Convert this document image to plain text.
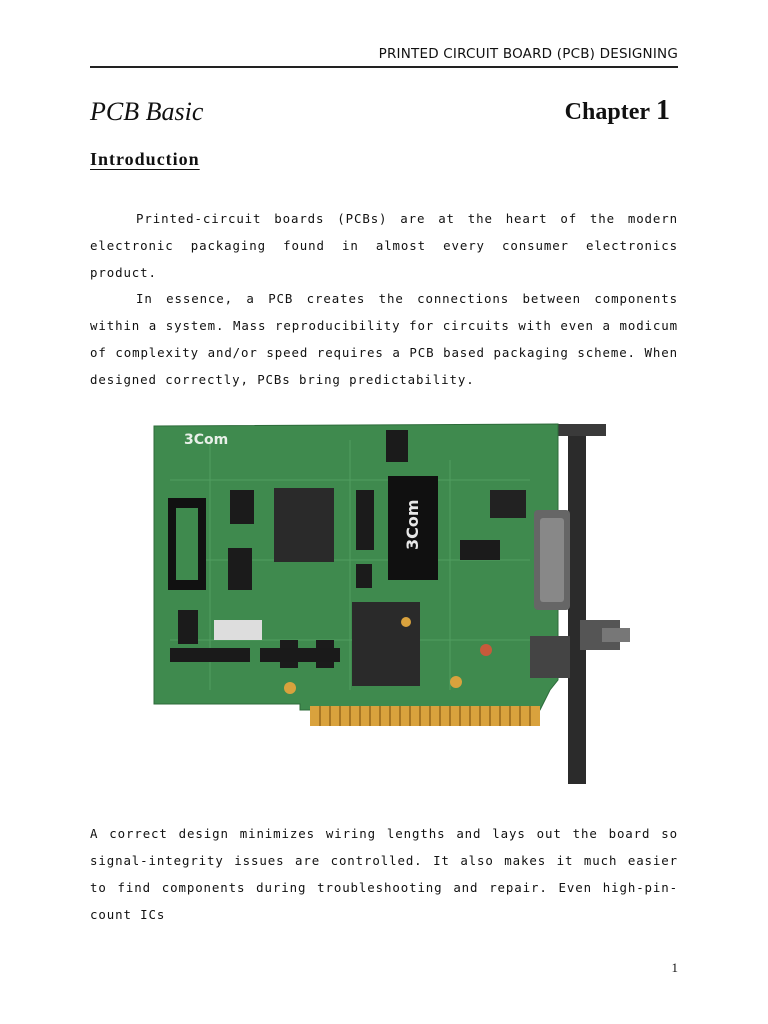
PRINTED CIRCUIT BOARD (PCB) DESIGNING
PCB Basic	Chapter 1
Introduction

Printed-circuit boards (PCBs) are at the heart of the modern electronic packaging found in almost every consumer electronics product.

In essence, a PCB creates the connections between components within a system. Mass reproducibility for circuits with even a modicum of complexity and/or speed requires a PCB based packaging scheme. When designed correctly, PCBs bring predictability.

3Com
3Com

A correct design minimizes wiring lengths and lays out the board so signal-integrity issues are controlled. It also makes it much easier to find components during troubleshooting and repair. Even high-pin-count ICs

1
